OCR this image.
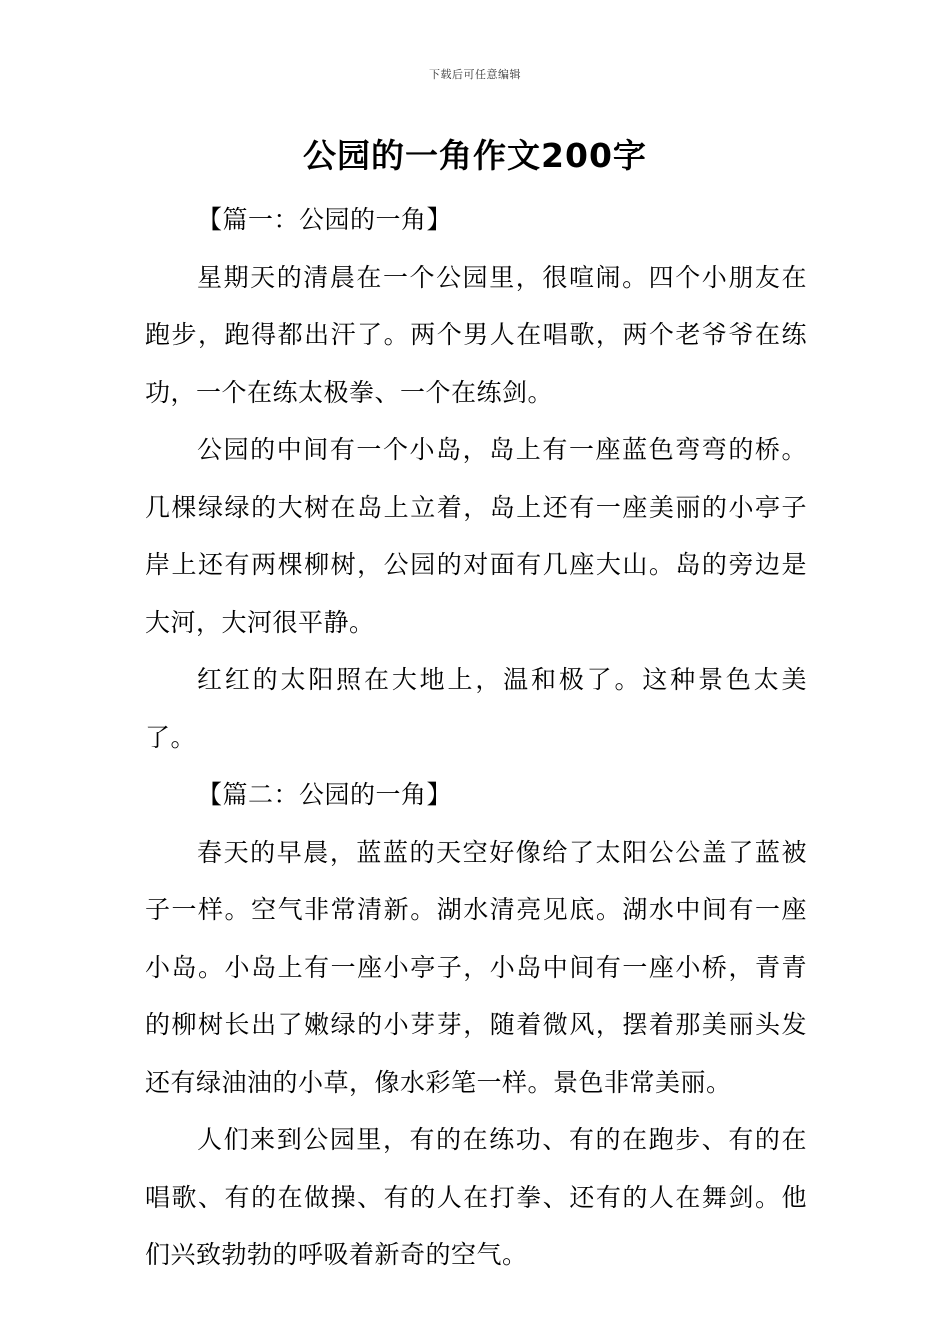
下载后可任意编辑
公园的一角作文200字

【篇一：公园的一角】

星期天的清晨在一个公园里，很喧闹。四个小朋友在跑步，跑得都出汗了。两个男人在唱歌，两个老爷爷在练功，一个在练太极拳、一个在练剑。

公园的中间有一个小岛，岛上有一座蓝色弯弯的桥。几棵绿绿的大树在岛上立着，岛上还有一座美丽的小亭子岸上还有两棵柳树，公园的对面有几座大山。岛的旁边是大河，大河很平静。

红红的太阳照在大地上，温和极了。这种景色太美了。

【篇二：公园的一角】

春天的早晨，蓝蓝的天空好像给了太阳公公盖了蓝被子一样。空气非常清新。湖水清亮见底。湖水中间有一座小岛。小岛上有一座小亭子，小岛中间有一座小桥，青青的柳树长出了嫩绿的小芽芽，随着微风，摆着那美丽头发还有绿油油的小草，像水彩笔一样。景色非常美丽。

人们来到公园里，有的在练功、有的在跑步、有的在唱歌、有的在做操、有的人在打拳、还有的人在舞剑。他们兴致勃勃的呼吸着新奇的空气。
